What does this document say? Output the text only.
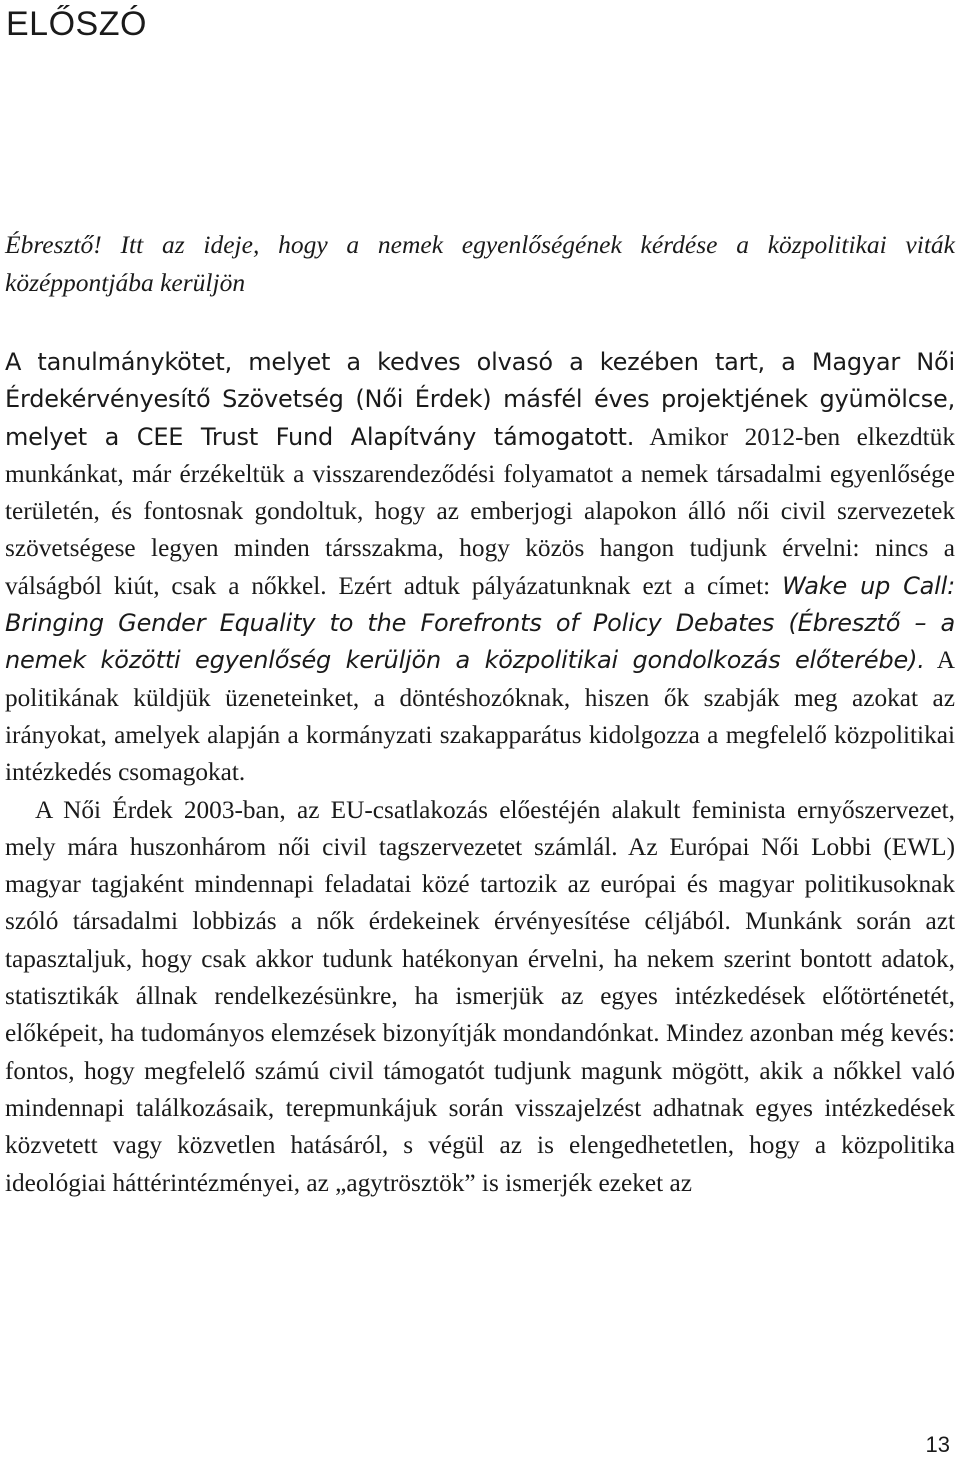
ELŐSZÓ

Ébresztő! Itt az ideje, hogy a nemek egyenlőségének kérdése a közpolitikai viták középpontjába kerüljön

A tanulmánykötet, melyet a kedves olvasó a kezében tart, a Magyar Női Érdekérvényesítő Szövetség (Női Érdek) másfél éves projektjének gyümölcse, melyet a CEE Trust Fund Alapítvány támogatott. Amikor 2012-ben elkezdtük munkánkat, már érzékeltük a visszarendeződési folyamatot a nemek társadalmi egyenlősége területén, és fontosnak gondoltuk, hogy az emberjogi alapokon álló női civil szervezetek szövetségese legyen minden társszakma, hogy közös hangon tudjunk érvelni: nincs a válságból kiút, csak a nőkkel. Ezért adtuk pályázatunknak ezt a címet: Wake up Call: Bringing Gender Equality to the Forefronts of Policy Debates (Ébresztő – a nemek közötti egyenlőség kerüljön a közpolitikai gondolkozás előterébe). A politikának küldjük üzeneteinket, a döntéshozóknak, hiszen ők szabják meg azokat az irányokat, amelyek alapján a kormányzati szakapparátus kidolgozza a megfelelő közpolitikai intézkedés csomagokat.

A Női Érdek 2003-ban, az EU-csatlakozás előestéjén alakult feminista ernyőszervezet, mely mára huszonhárom női civil tagszervezetet számlál. Az Európai Női Lobbi (EWL) magyar tagjaként mindennapi feladatai közé tartozik az európai és magyar politikusoknak szóló társadalmi lobbizás a nők érdekeinek érvényesítése céljából. Munkánk során azt tapasztaljuk, hogy csak akkor tudunk hatékonyan érvelni, ha nekem szerint bontott adatok, statisztikák állnak rendelkezésünkre, ha ismerjük az egyes intézkedések előtörténetét, előképeit, ha tudományos elemzések bizonyítják mondandónkat. Mindez azonban még kevés: fontos, hogy megfelelő számú civil támogatót tudjunk magunk mögött, akik a nőkkel való mindennapi találkozásaik, terepmunkájuk során visszajelzést adhatnak egyes intézkedések közvetett vagy közvetlen hatásáról, s végül az is elengedhetetlen, hogy a közpolitika ideológiai háttérintézményei, az „agytrösztök” is ismerjék ezeket az

13
